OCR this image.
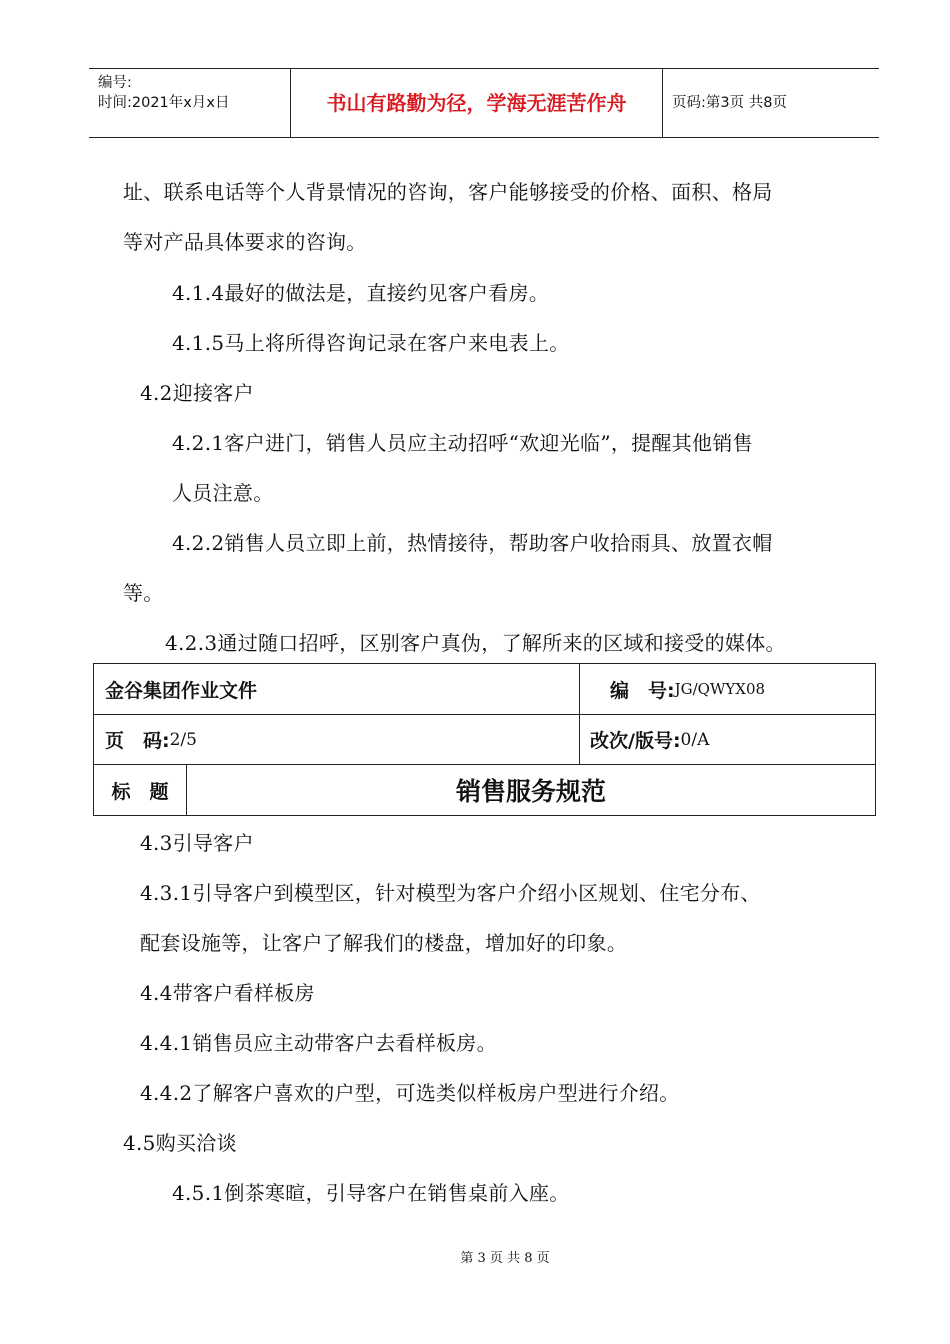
编号:
时间:2021年x月x日	书山有路勤为径，学海无涯苦作舟	页码:第3页 共8页
址、联系电话等个人背景情况的咨询，客户能够接受的价格、面积、格局
等对产品具体要求的咨询。
4.1.4最好的做法是，直接约见客户看房。
4.1.5马上将所得咨询记录在客户来电表上。
4.2迎接客户
4.2.1客户进门，销售人员应主动招呼“欢迎光临”，提醒其他销售
人员注意。
4.2.2销售人员立即上前，热情接待，帮助客户收拾雨具、放置衣帽
等。
4.2.3通过随口招呼，区别客户真伪，了解所来的区域和接受的媒体。
金谷集团作业文件	编　号: JG/QWYX08
页　码: 2/5	改次/版号: 0/A
标　题	销售服务规范
4.3引导客户
4.3.1引导客户到模型区，针对模型为客户介绍小区规划、住宅分布、
配套设施等，让客户了解我们的楼盘，增加好的印象。
4.4带客户看样板房
4.4.1销售员应主动带客户去看样板房。
4.4.2了解客户喜欢的户型，可选类似样板房户型进行介绍。
4.5购买洽谈
4.5.1倒茶寒暄，引导客户在销售桌前入座。
第 3 页 共 8 页
